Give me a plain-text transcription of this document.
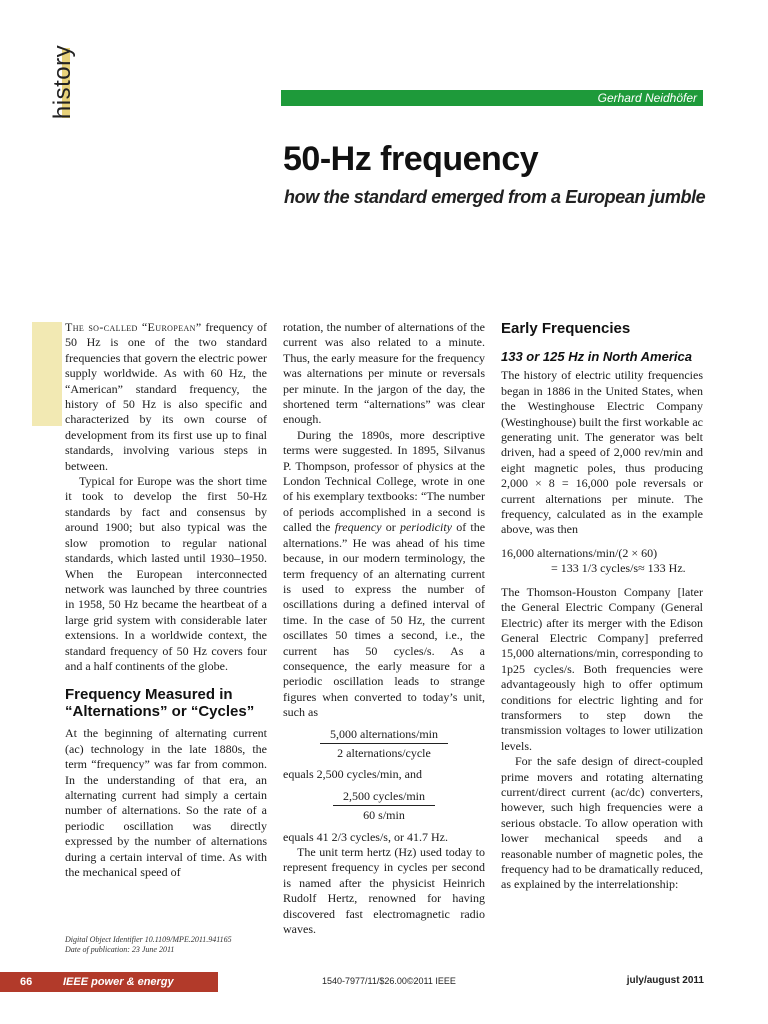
history	Gerhard Neidhöfer
50-Hz frequency
how the standard emerged from a European jumble

The so-called “European” frequency of 50 Hz is one of the two standard frequencies that govern the electric power supply worldwide. As with 60 Hz, the “American” standard frequency, the history of 50 Hz is also specific and characterized by its own course of development from its first use up to final standards, involving various steps in between.

Typical for Europe was the short time it took to develop the first 50-Hz standards by fact and consensus by around 1900; but also typical was the slow promotion to regular national standards, which lasted until 1930–1950. When the European interconnected network was launched by three countries in 1958, 50 Hz became the heartbeat of a large grid system with considerable later extensions. In a worldwide context, the standard frequency of 50 Hz covers four and a half continents of the globe.

Frequency Measured in “Alternations” or “Cycles”

At the beginning of alternating current (ac) technology in the late 1880s, the term “frequency” was far from common. In the understanding of that era, an alternating current had simply a certain number of alternations. So the rate of a periodic oscillation was directly expressed by the number of alternations during a certain interval of time. As with the mechanical speed of

rotation, the number of alternations of the current was also related to a minute. Thus, the early measure for the frequency was alternations per minute or reversals per minute. In the jargon of the day, the shortened term “alternations” was clear enough.

During the 1890s, more descriptive terms were suggested. In 1895, Silvanus P. Thompson, professor of physics at the London Technical College, wrote in one of his exemplary textbooks: “The number of periods accomplished in a second is called the frequency or periodicity of the alternations.” He was ahead of his time because, in our modern terminology, the term frequency of an alternating current is used to express the number of oscillations during a defined interval of time. In the case of 50 Hz, the current oscillates 50 times a second, i.e., the current has 50 cycles/s. As a consequence, the early measure for a periodic oscillation leads to strange figures when converted to today’s unit, such as

5,000 alternations/min
2 alternations/cycle

equals 2,500 cycles/min, and

2,500 cycles/min
60 s/min

equals 41 2/3 cycles/s, or 41.7 Hz.

The unit term hertz (Hz) used today to represent frequency in cycles per second is named after the physicist Heinrich Rudolf Hertz, renowned for having discovered fast electromagnetic radio waves.

Early Frequencies
133 or 125 Hz in North America

The history of electric utility frequencies began in 1886 in the United States, when the Westinghouse Electric Company (Westinghouse) built the first workable ac generating unit. The generator was belt driven, had a speed of 2,000 rev/min and eight magnetic poles, thus producing 2,000 × 8 = 16,000 pole reversals or current alternations per minute. The frequency, calculated as in the example above, was then

16,000 alternations/min/(2 × 60)
= 133 1/3 cycles/s≈ 133 Hz.

The Thomson-Houston Company [later the General Electric Company (General Electric) after its merger with the Edison General Electric Company] preferred 15,000 alternations/min, corresponding to 1p25 cycles/s. Both frequencies were advantageously high to offer optimum conditions for electric lighting and for transformers to step down the transmission voltages to lower utilization levels.

For the safe design of direct-coupled prime movers and rotating alternating current/direct current (ac/dc) converters, however, such high frequencies were a serious obstacle. To allow operation with lower mechanical speeds and a reasonable number of magnetic poles, the frequency had to be dramatically reduced, as explained by the interrelationship:

Digital Object Identifier 10.1109/MPE.2011.941165
Date of publication: 23 June 2011
66	IEEE power & energy magazine
1540-7977/11/$26.00©2011 IEEE	july/august 2011
